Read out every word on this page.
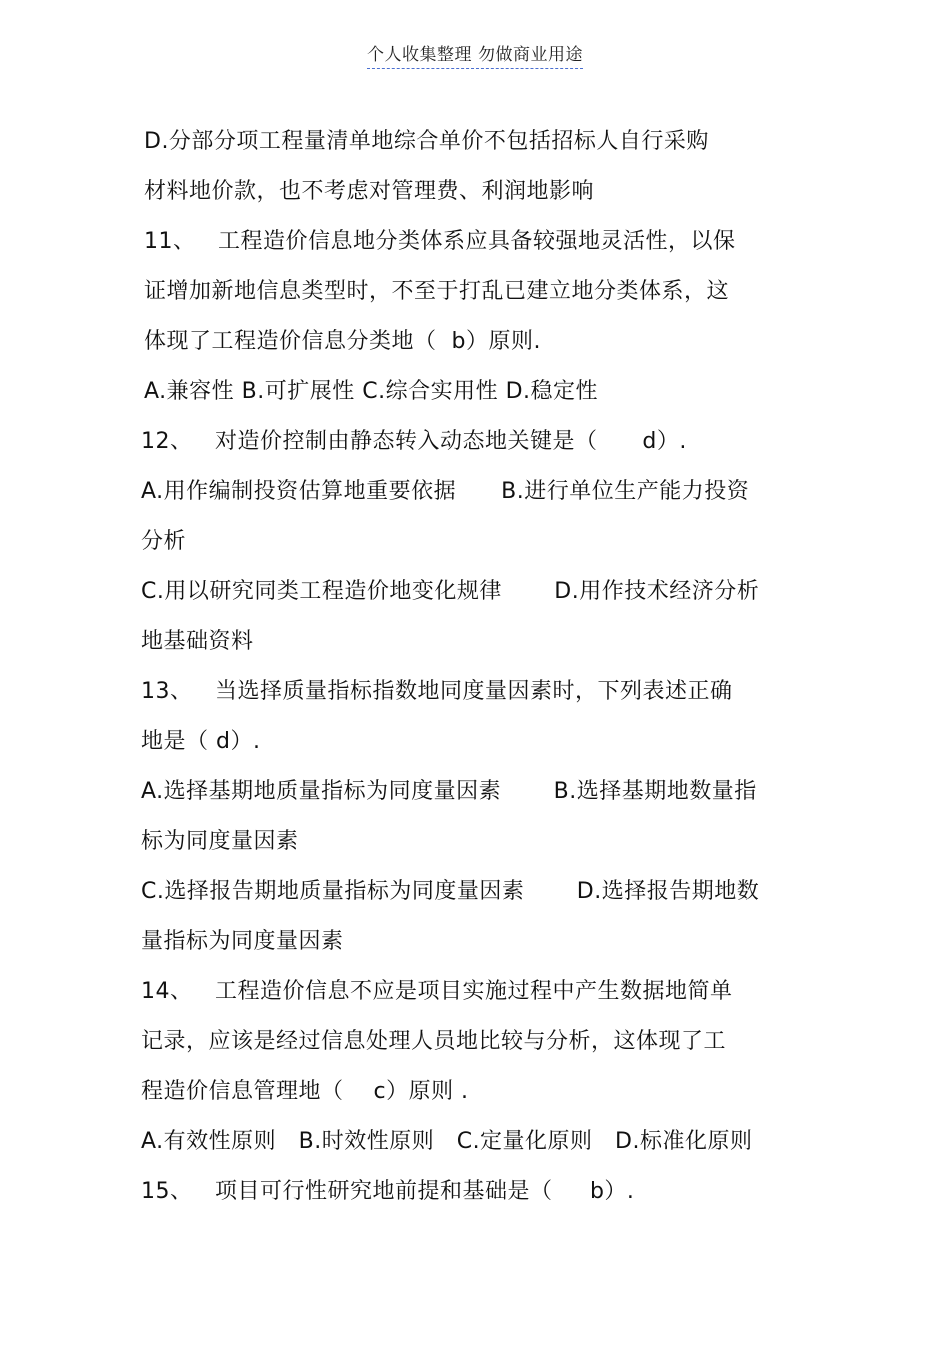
个人收集整理 勿做商业用途
D.分部分项工程量清单地综合单价不包括招标人自行采购
材料地价款，也不考虑对管理费、利润地影响
11、   工程造价信息地分类体系应具备较强地灵活性，以保
证增加新地信息类型时，不至于打乱已建立地分类体系，这
体现了工程造价信息分类地（  b）原则.
A.兼容性 B.可扩展性 C.综合实用性 D.稳定性
12、   对造价控制由静态转入动态地关键是（      d）.
A.用作编制投资估算地重要依据      B.进行单位生产能力投资
分析
C.用以研究同类工程造价地变化规律       D.用作技术经济分析
地基础资料
13、   当选择质量指标指数地同度量因素时，下列表述正确
地是（ d）.
A.选择基期地质量指标为同度量因素       B.选择基期地数量指
标为同度量因素
C.选择报告期地质量指标为同度量因素       D.选择报告期地数
量指标为同度量因素
14、   工程造价信息不应是项目实施过程中产生数据地简单
记录，应该是经过信息处理人员地比较与分析，这体现了工
程造价信息管理地（    c）原则 .
A.有效性原则   B.时效性原则   C.定量化原则   D.标准化原则
15、   项目可行性研究地前提和基础是（     b）.
